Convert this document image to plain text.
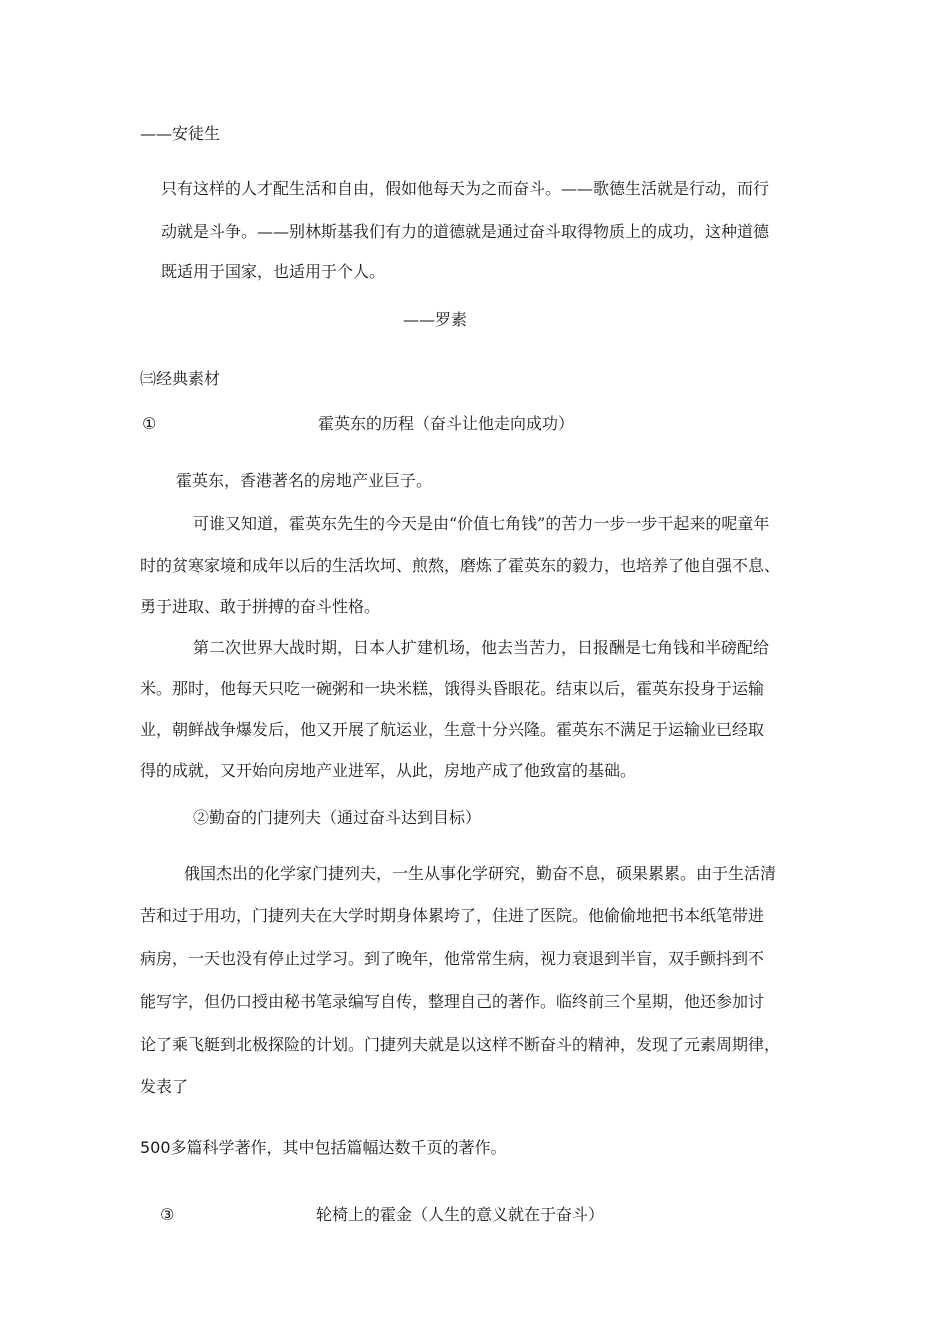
——安徒生
只有这样的人才配生活和自由，假如他每天为之而奋斗。——歌德生活就是行动，而行
动就是斗争。——别林斯基我们有力的道德就是通过奋斗取得物质上的成功，这种道德
既适用于国家，也适用于个人。
——罗素
㈢经典素材
①	霍英东的历程（奋斗让他走向成功）
霍英东，香港著名的房地产业巨子。
可谁又知道，霍英东先生的今天是由“价值七角钱”的苦力一步一步干起来的呢童年
时的贫寒家境和成年以后的生活坎坷、煎熬，磨炼了霍英东的毅力，也培养了他自强不息、
勇于进取、敢于拼搏的奋斗性格。
第二次世界大战时期，日本人扩建机场，他去当苦力，日报酬是七角钱和半磅配给
米。那时，他每天只吃一碗粥和一块米糕，饿得头昏眼花。结束以后，霍英东投身于运输
业，朝鲜战争爆发后，他又开展了航运业，生意十分兴隆。霍英东不满足于运输业已经取
得的成就，又开始向房地产业进军，从此，房地产成了他致富的基础。
②勤奋的门捷列夫（通过奋斗达到目标）
俄国杰出的化学家门捷列夫，一生从事化学研究，勤奋不息，硕果累累。由于生活清
苦和过于用功，门捷列夫在大学时期身体累垮了，住进了医院。他偷偷地把书本纸笔带进
病房，一天也没有停止过学习。到了晚年，他常常生病，视力衰退到半盲，双手颤抖到不
能写字，但仍口授由秘书笔录编写自传，整理自己的著作。临终前三个星期，他还参加讨
论了乘飞艇到北极探险的计划。门捷列夫就是以这样不断奋斗的精神，发现了元素周期律，
发表了
500多篇科学著作，其中包括篇幅达数千页的著作。
③	轮椅上的霍金（人生的意义就在于奋斗）
